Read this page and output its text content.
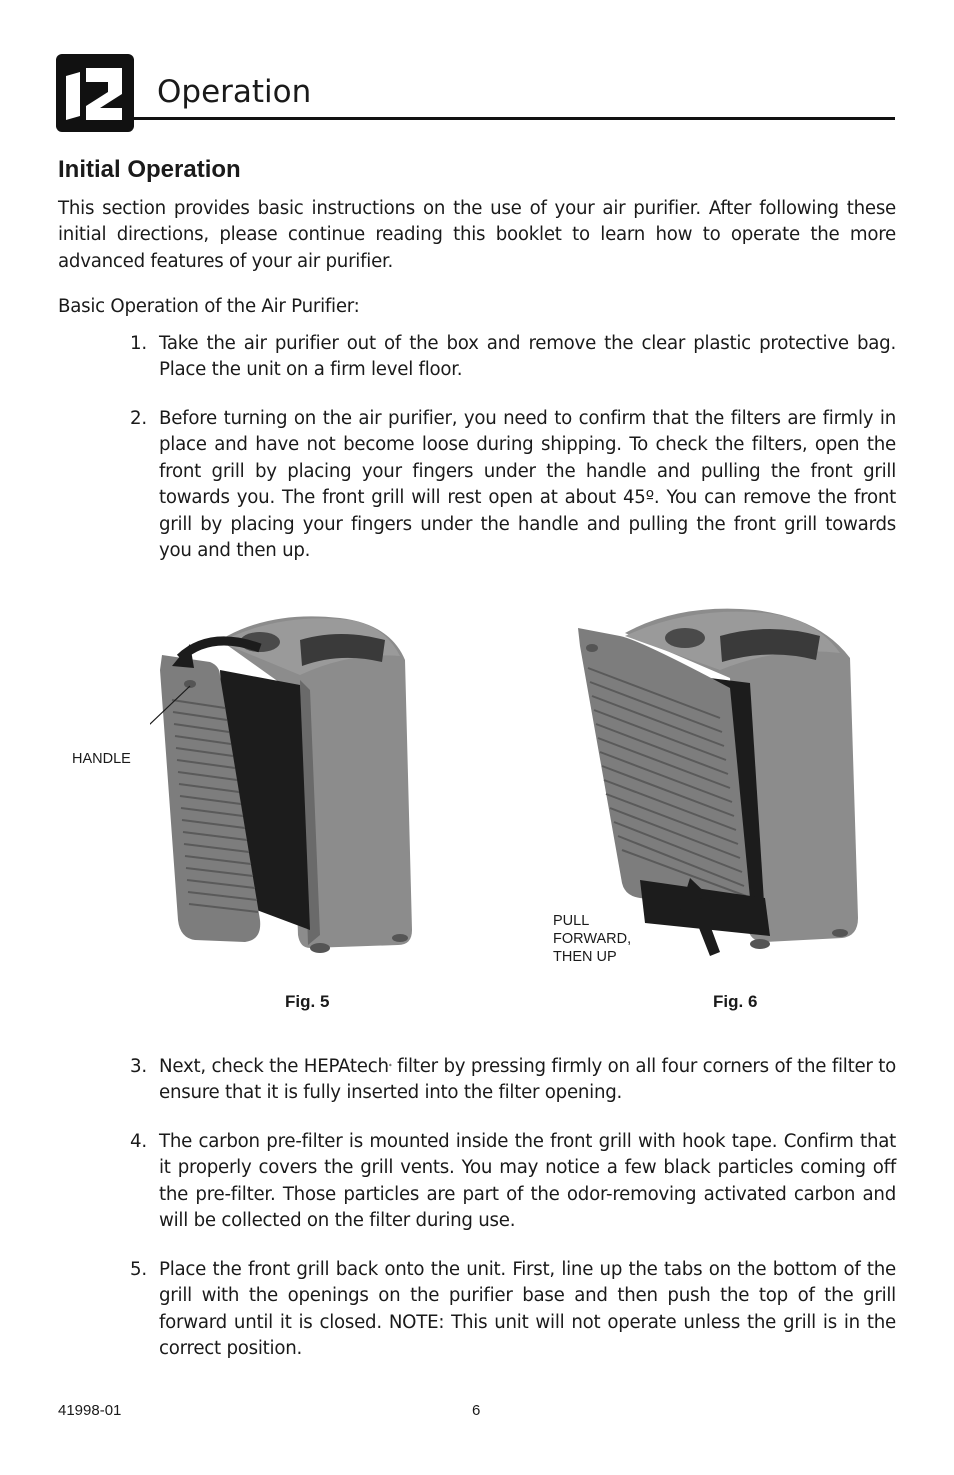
Operation
Initial Operation
This section provides basic instructions on the use of your air purifier. After following these initial directions, please continue reading this booklet to learn how to operate the more advanced features of your air purifier.
Basic Operation of the Air Purifier:
1. Take the air purifier out of the box and remove the clear plastic protective bag. Place the unit on a firm level floor.
2. Before turning on the air purifier, you need to confirm that the filters are firmly in place and have not become loose during shipping. To check the filters, open the front grill by placing your fingers under the handle and pulling the front grill towards you. The front grill will rest open at about 45º. You can remove the front grill by placing your fingers under the handle and pulling the front grill towards you and then up.
HANDLE
Fig. 5
PULL
FORWARD,
THEN UP
Fig. 6
3. Next, check the HEPAtech* filter by pressing firmly on all four corners of the filter to ensure that it is fully inserted into the filter opening.
4. The carbon pre-filter is mounted inside the front grill with hook tape. Confirm that it properly covers the grill vents. You may notice a few black particles coming off the pre-filter. Those particles are part of the odor-removing activated carbon and will be collected on the filter during use.
5. Place the front grill back onto the unit. First, line up the tabs on the bottom of the grill with the openings on the purifier base and then push the top of the grill forward until it is closed. NOTE: This unit will not operate unless the grill is in the correct position.
41998-01	6
